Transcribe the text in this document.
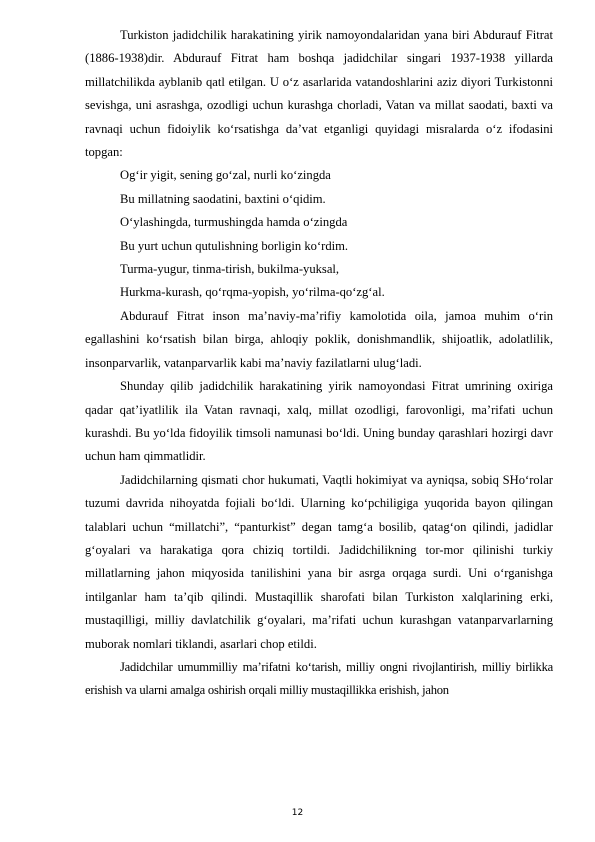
Turkiston jadidchilik harakatining yirik namoyondalaridan yana biri Abdurauf Fitrat (1886-1938)dir. Abdurauf Fitrat ham boshqa jadidchilar singari 1937-1938 yillarda millatchilikda ayblanib qatl etilgan. U o‘z asarlarida vatandoshlarini aziz diyori Turkistonni sevishga, uni asrashga, ozodligi uchun kurashga chorladi, Vatan va millat saodati, baxti va ravnaqi uchun fidoiylik ko‘rsatishga da’vat etganligi quyidagi misralarda o‘z ifodasini topgan:

Og‘ir yigit, sening go‘zal, nurli ko‘zingda

Bu millatning saodatini, baxtini o‘qidim.

O‘ylashingda, turmushingda hamda o‘zingda

Bu yurt uchun qutulishning borligin ko‘rdim.

Turma-yugur, tinma-tirish, bukilma-yuksal,

Hurkma-kurash, qo‘rqma-yopish, yo‘rilma-qo‘zg‘al.

Abdurauf Fitrat inson ma’naviy-ma’rifiy kamolotida oila, jamoa muhim o‘rin egallashini ko‘rsatish bilan birga, ahloqiy poklik, donishmandlik, shijoatlik, adolatlilik, insonparvarlik, vatanparvarlik kabi ma’naviy fazilatlarni ulug‘ladi.

Shunday qilib jadidchilik harakatining yirik namoyondasi Fitrat umrining oxiriga qadar qat’iyatlilik ila Vatan ravnaqi, xalq, millat ozodligi, farovonligi, ma’rifati uchun kurashdi. Bu yo‘lda fidoyilik timsoli namunasi bo‘ldi. Uning bunday qarashlari hozirgi davr uchun ham qimmatlidir.

Jadidchilarning qismati chor hukumati, Vaqtli hokimiyat va ayniqsa, sobiq SHo‘rolar tuzumi davrida nihoyatda fojiali bo‘ldi. Ularning ko‘pchiligiga yuqorida bayon qilingan talablari uchun “millatchi”, “panturkist” degan tamg‘a bosilib, qatag‘on qilindi, jadidlar g‘oyalari va harakatiga qora chiziq tortildi. Jadidchilikning tor-mor qilinishi turkiy millatlarning jahon miqyosida tanilishini yana bir asrga orqaga surdi. Uni o‘rganishga intilganlar ham ta’qib qilindi. Mustaqillik sharofati bilan Turkiston xalqlarining erki, mustaqilligi, milliy davlatchilik g‘oyalari, ma’rifati uchun kurashgan vatanparvarlarning muborak nomlari tiklandi, asarlari chop etildi.

Jadidchilar umummilliy ma’rifatni ko‘tarish, milliy ongni rivojlantirish, milliy birlikka erishish va ularni amalga oshirish orqali milliy mustaqillikka erishish, jahon

12
